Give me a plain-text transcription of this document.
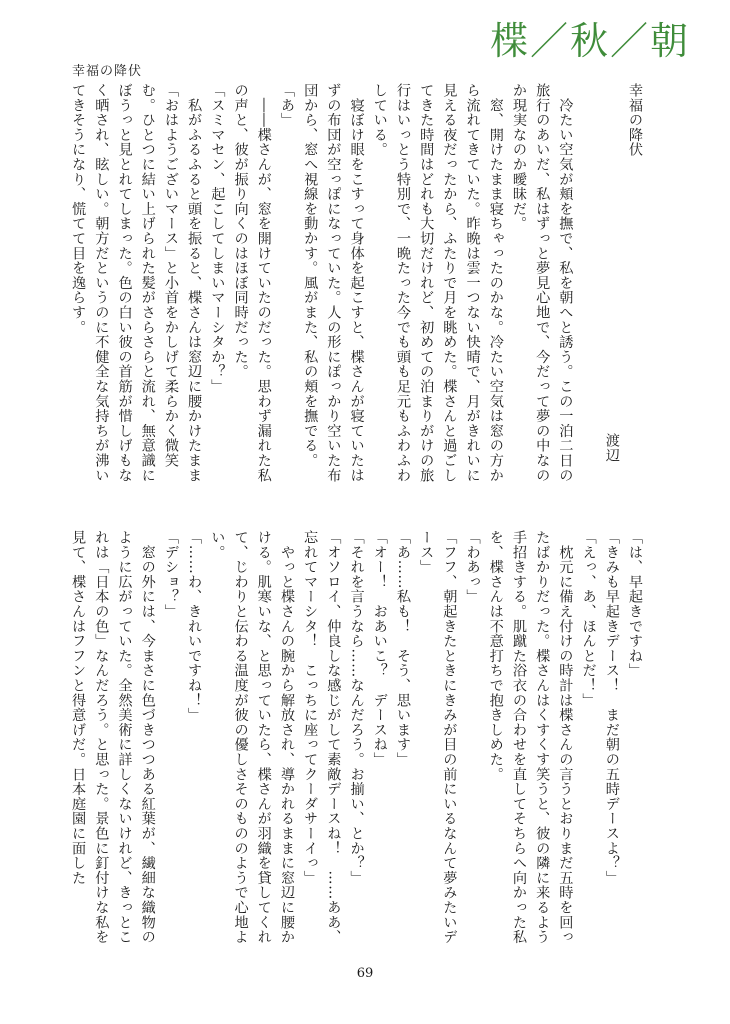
楪／秋／朝
幸福の降伏

幸福の降伏

渡辺

　冷たい空気が頬を撫で、私を朝へと誘う。この一泊二日の旅行のあいだ、私はずっと夢見心地で、今だって夢の中なのか現実なのか曖昧だ。

　窓、開けたまま寝ちゃったのかな。冷たい空気は窓の方から流れてきていた。昨晩は雲一つない快晴で、月がきれいに見える夜だったから、ふたりで月を眺めた。楪さんと過ごしてきた時間はどれも大切だけれど、初めての泊まりがけの旅行はいっとう特別で、一晩たった今でも頭も足元もふわふわしている。

　寝ぼけ眼をこすって身体を起こすと、楪さんが寝ていたはずの布団が空っぽになっていた。人の形にぽっかり空いた布団から、窓へ視線を動かす。風がまた、私の頬を撫でる。

「あ」

　――楪さんが、窓を開けていたのだった。思わず漏れた私の声と、彼が振り向くのはほぼ同時だった。

「スミマセン、起こしてしまいマーシタか？」

　私がふるふると頭を振ると、楪さんは窓辺に腰かけたまま「おはようございマース」と小首をかしげて柔らかく微笑む。ひとつに結い上げられた髪がさらさらと流れ、無意識にぼうっと見とれてしまった。色の白い彼の首筋が惜しげもなく晒され、眩しい。朝方だというのに不健全な気持ちが沸いてきそうになり、慌てて目を逸らす。

「は、早起きですね」

「きみも早起きデース！　まだ朝の五時デースよ？」

「えっ、あ、ほんとだ！」

　枕元に備え付けの時計は楪さんの言うとおりまだ五時を回ったばかりだった。楪さんはくすくす笑うと、彼の隣に来るよう手招きする。肌蹴た浴衣の合わせを直してそちらへ向かった私を、楪さんは不意打ちで抱きしめた。

「わあっ」

「フフ、朝起きたときにきみが目の前にいるなんて夢みたいデース」

「あ……私も！　そう、思います」

「オー！　おあいこ？　デースね」

「それを言うなら……なんだろう。お揃い、とか？」

「オソロイ、仲良しな感じがして素敵デースね！　……ああ、忘れてマーシタ！　こっちに座ってクーダサーイっ」

　やっと楪さんの腕から解放され、導かれるままに窓辺に腰かける。肌寒いな、と思っていたら、楪さんが羽織を貸してくれて、じわりと伝わる温度が彼の優しさそのもののようで心地よい。

「……わ、きれいですね！」

「デショ？」

　窓の外には、今まさに色づきつつある紅葉が、繊細な織物のように広がっていた。全然美術に詳しくないけれど、きっとこれは「日本の色」なんだろう。と思った。景色に釘付けな私を見て、楪さんはフフンと得意げだ。日本庭園に面した

69
